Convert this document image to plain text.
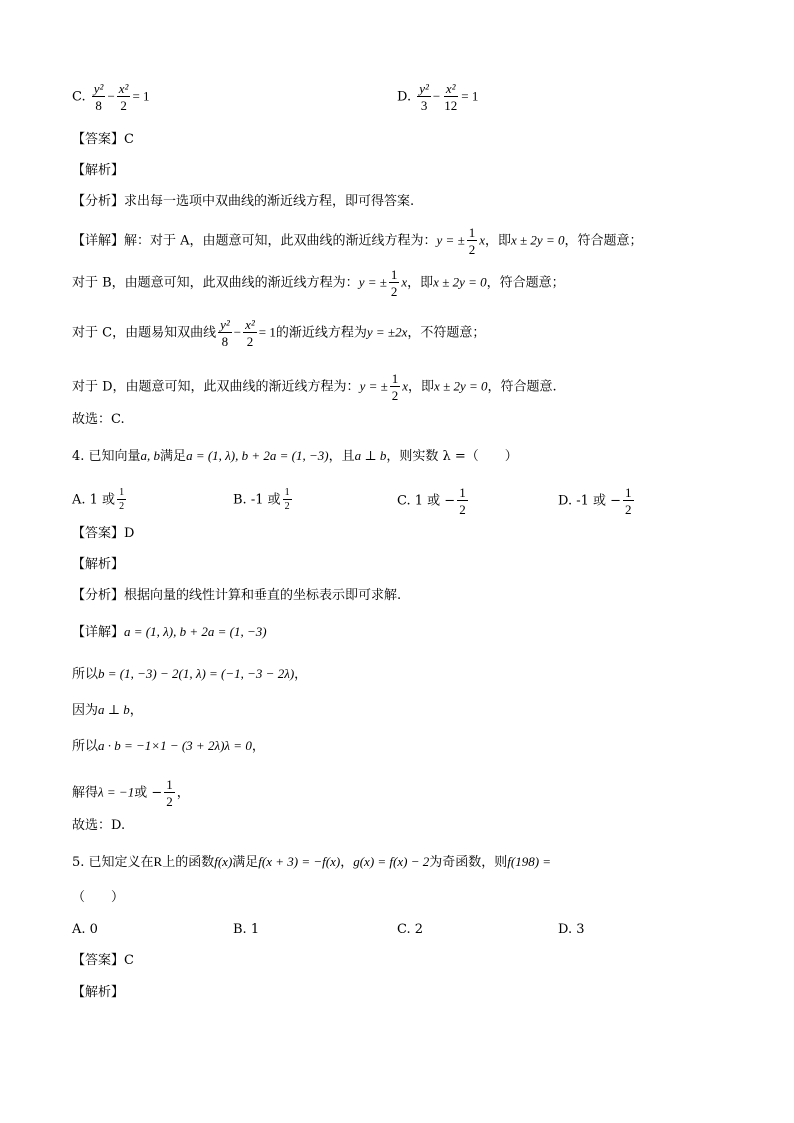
C. $\frac{\text{y²}}{8} - \frac{\text{x²}}{2} = 1$	D. $\frac{\text{y²}}{3} - \frac{\text{x²}}{12} = 1$
【答案】C
【解析】
【分析】求出每一选项中双曲线的渐近线方程，即可得答案.
【详解】解：对于 A，由题意可知，此双曲线的渐近线方程为：y = ± $\frac{1}{2}$ x，即x ± 2y = 0，符合题意；
对于 B，由题意可知，此双曲线的渐近线方程为：y = ± $\frac{1}{2}$ x，即x ± 2y = 0，符合题意；
对于 C，由题易知双曲线 $\frac{\text{y²}}{8} - \frac{\text{x²}}{2} = 1$的渐近线方程为y = ±2x，不符题意；
对于 D，由题意可知，此双曲线的渐近线方程为：y = ± $\frac{1}{2}$ x，即x ± 2y = 0，符合题意.
故选：C.
4. 已知向量a, b满足a = (1, λ), b + 2a = (1, −3)，且a ⊥ b，则实数 λ =（　　）
A. 1 或 $\frac{1}{2}$	B. -1 或 $\frac{1}{2}$	C. 1 或 − $\frac{1}{2}$	D. -1 或 − $\frac{1}{2}$
【答案】D
【解析】
【分析】根据向量的线性计算和垂直的坐标表示即可求解.
【详解】a = (1, λ), b + 2a = (1, −3)
所以b = (1, −3) − 2(1, λ) = (−1, −3 − 2λ)，
因为a ⊥ b，
所以a · b = −1×1 − (3 + 2λ)λ = 0，
解得λ = −1或 − $\frac{1}{2}$ ，
故选：D.
5. 已知定义在R上的函数f(x)满足f(x + 3) = −f(x)，g(x) = f(x) − 2为奇函数，则f(198) =
（　　）
A. 0	B. 1	C. 2	D. 3
【答案】C
【解析】
